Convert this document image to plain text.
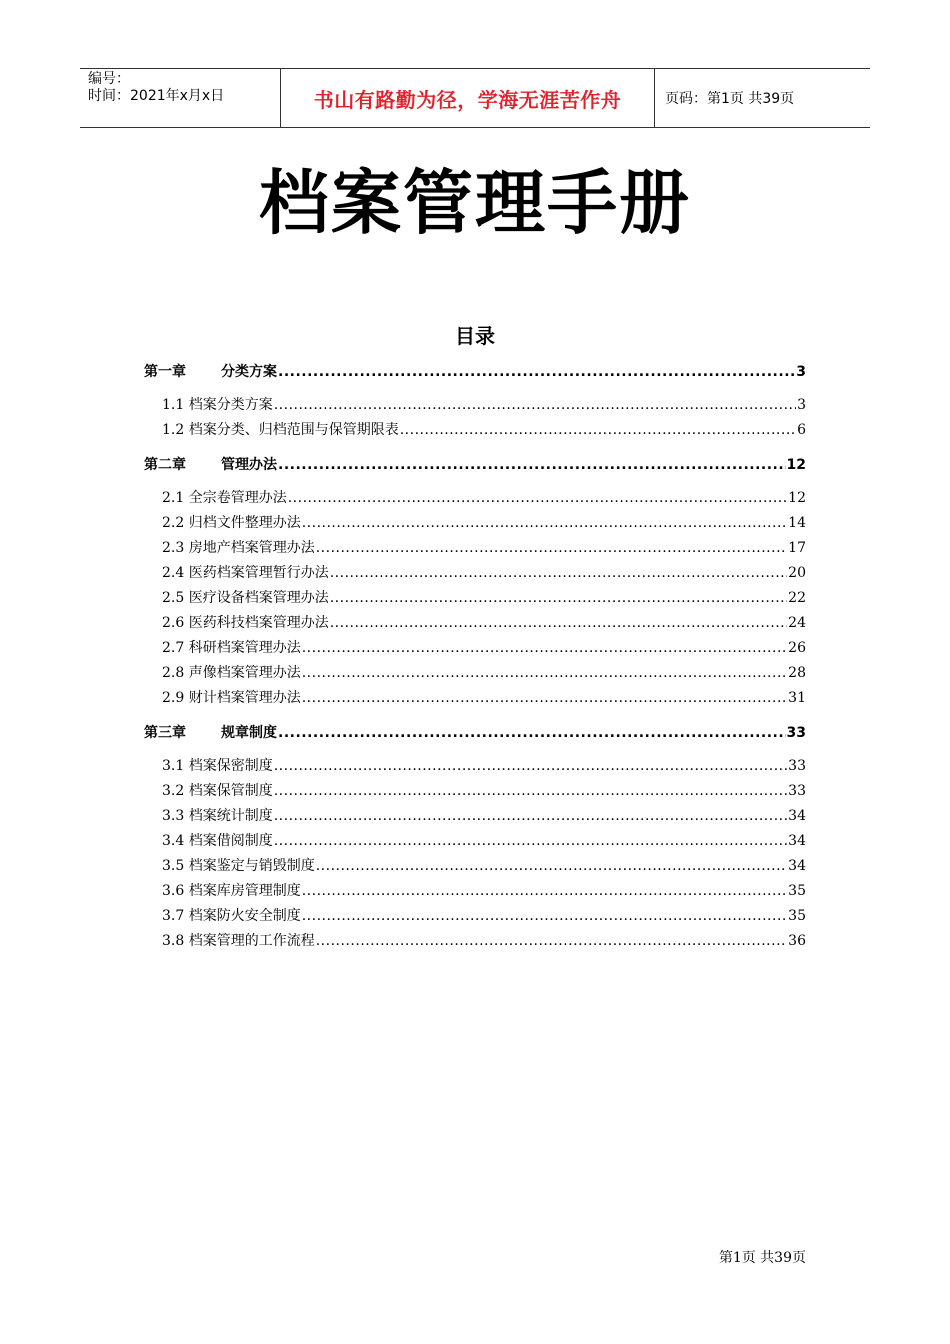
编号：
时间：2021年x月x日	书山有路勤为径，学海无涯苦作舟	页码：第1页 共39页
档案管理手册
目录
第一章	分类方案 .....	3
1.1 档案分类方案 .....	3
1.2 档案分类、归档范围与保管期限表 .....	6
第二章	管理办法 .....	12
2.1 全宗卷管理办法 .....	12
2.2 归档文件整理办法 .....	14
2.3 房地产档案管理办法 .....	17
2.4 医药档案管理暂行办法 .....	20
2.5 医疗设备档案管理办法 .....	22
2.6 医药科技档案管理办法 .....	24
2.7 科研档案管理办法 .....	26
2.8 声像档案管理办法 .....	28
2.9 财计档案管理办法 .....	31
第三章	规章制度 .....	33
3.1 档案保密制度 .....	33
3.2 档案保管制度 .....	33
3.3 档案统计制度 .....	34
3.4 档案借阅制度 .....	34
3.5 档案鉴定与销毁制度 .....	34
3.6 档案库房管理制度 .....	35
3.7 档案防火安全制度 .....	35
3.8 档案管理的工作流程 .....	36
第1页 共39页
